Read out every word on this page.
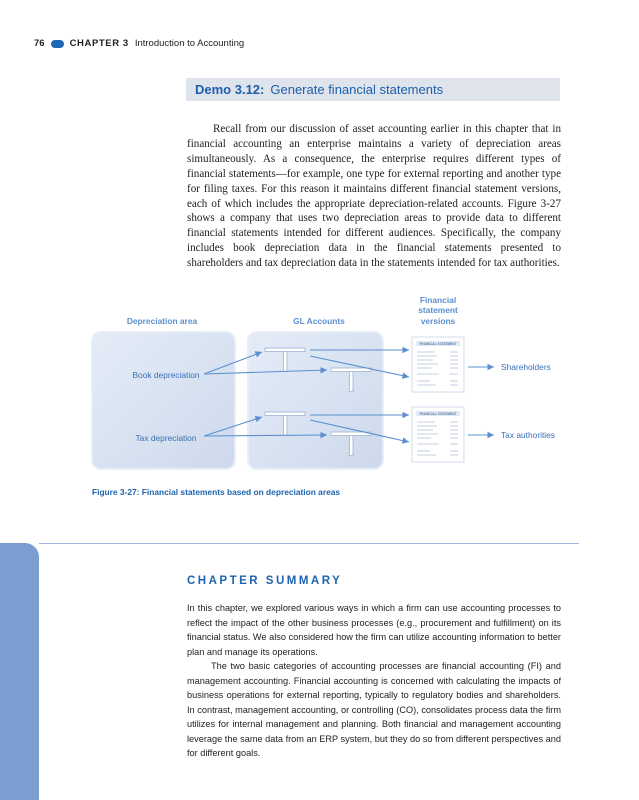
76	CHAPTER 3 Introduction to Accounting
Demo 3.12: Generate financial statements

Recall from our discussion of asset accounting earlier in this chapter that in financial accounting an enterprise maintains a variety of depreciation areas simultaneously. As a consequence, the enterprise requires different types of financial statements—for example, one type for external reporting and another type for filing taxes. For this reason it maintains different financial statement versions, each of which includes the appropriate depreciation-related accounts. Figure 3-27 shows a company that uses two depreciation areas to provide data to different financial statements intended for different audiences. Specifically, the company includes book depreciation data in the financial statements presented to shareholders and tax depreciation data in the statements intended for tax authorities.

Depreciation area	GL Accounts
Financial
statement
versions
Book depreciation
Tax depreciation
FINANCIAL STATEMENT
FINANCIAL STATEMENT
Shareholders
Tax authorities
Figure 3-27: Financial statements based on depreciation areas
CHAPTER SUMMARY

In this chapter, we explored various ways in which a firm can use accounting processes to reflect the impact of the other business processes (e.g., procurement and fulfillment) on its financial status. We also considered how the firm can utilize accounting information to better plan and manage its operations.

The two basic categories of accounting processes are financial accounting (FI) and management accounting. Financial accounting is concerned with calculating the impacts of business operations for external reporting, typically to regulatory bodies and shareholders. In contrast, management accounting, or controlling (CO), consolidates process data the firm utilizes for internal management and planning. Both financial and management accounting leverage the same data from an ERP system, but they do so from different perspectives and for different goals.
